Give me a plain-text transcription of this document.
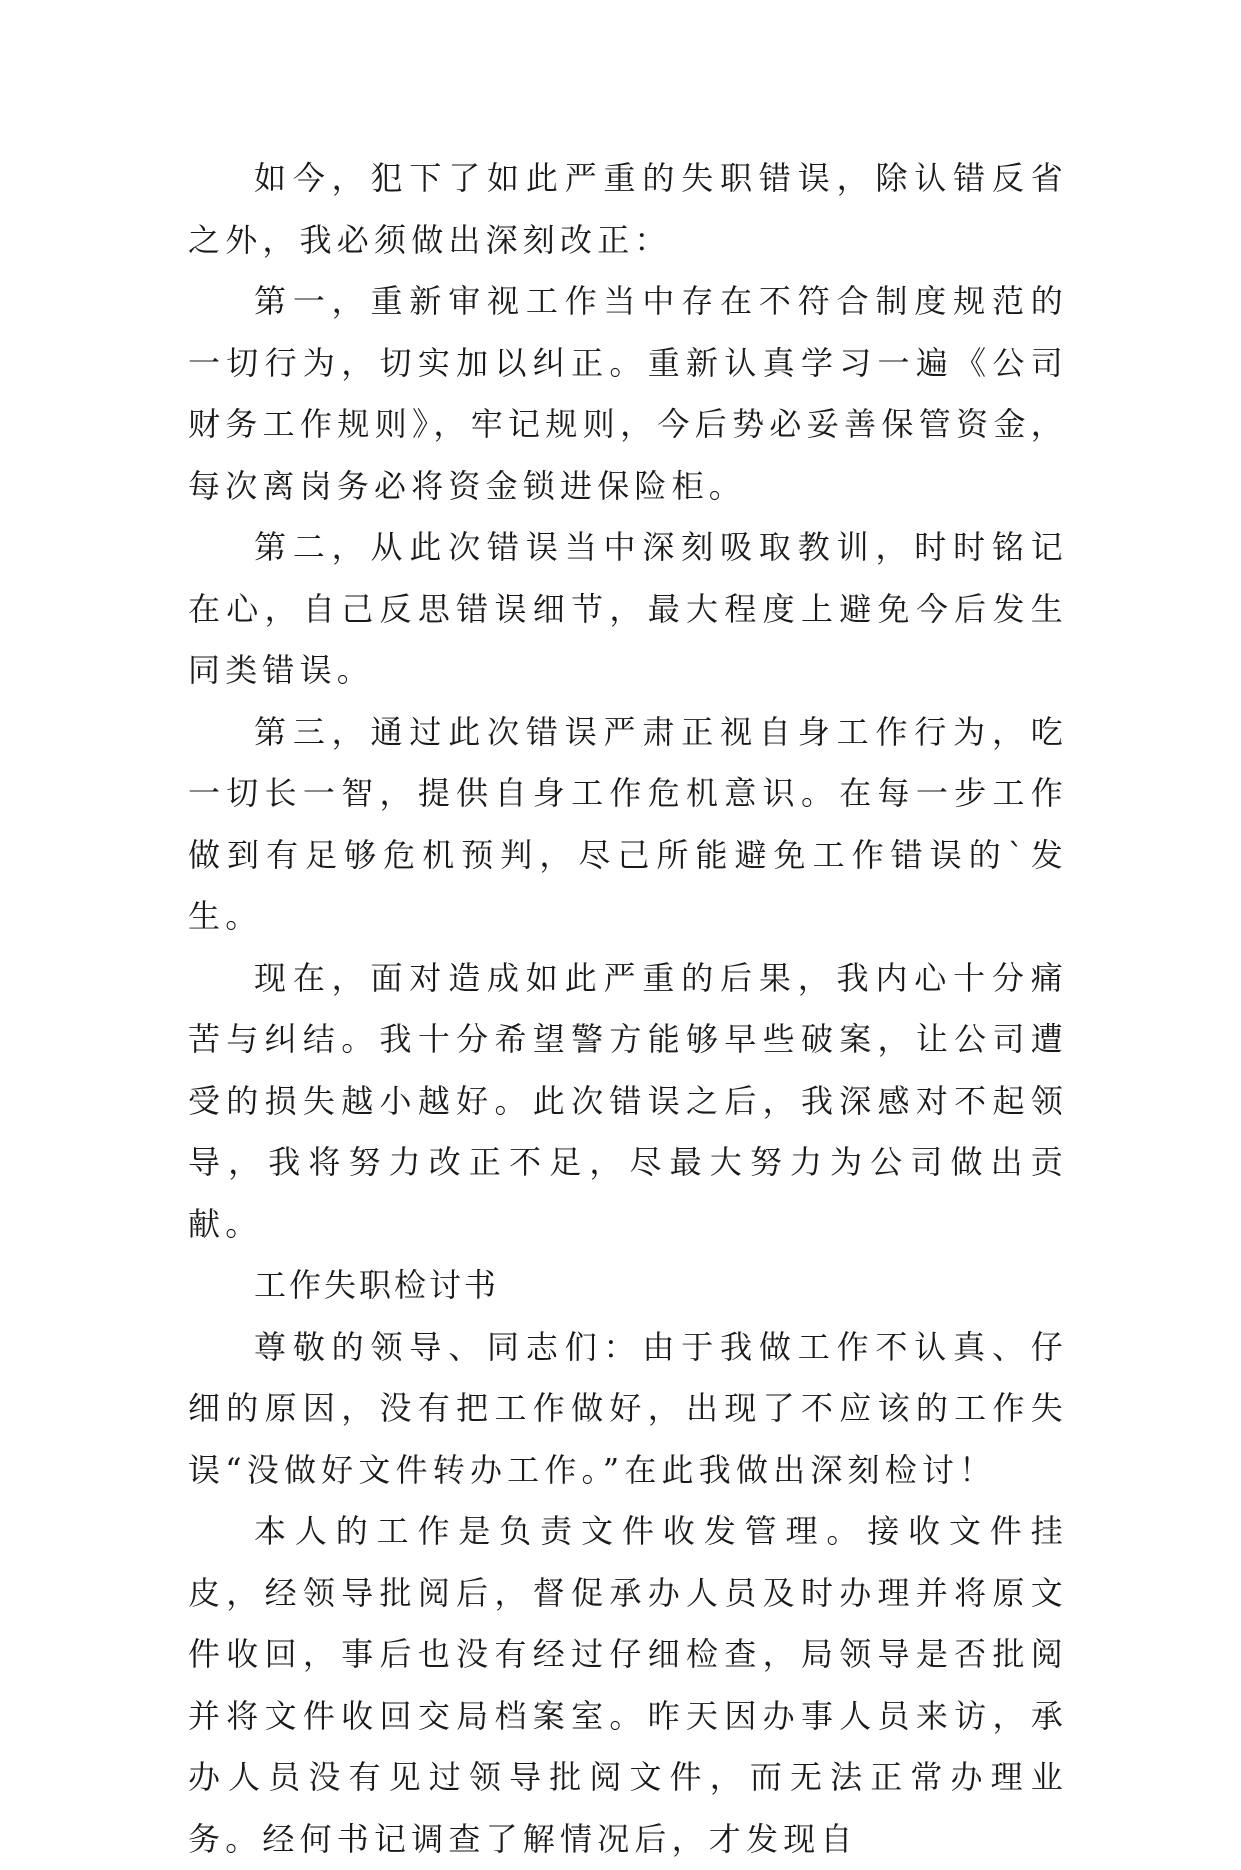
如今，犯下了如此严重的失职错误，除认错反省之外，我必须做出深刻改正：

第一，重新审视工作当中存在不符合制度规范的一切行为，切实加以纠正。重新认真学习一遍《公司财务工作规则》，牢记规则，今后势必妥善保管资金，每次离岗务必将资金锁进保险柜。

第二，从此次错误当中深刻吸取教训，时时铭记在心，自己反思错误细节，最大程度上避免今后发生同类错误。

第三，通过此次错误严肃正视自身工作行为，吃一切长一智，提供自身工作危机意识。在每一步工作做到有足够危机预判，尽己所能避免工作错误的`发生。

现在，面对造成如此严重的后果，我内心十分痛苦与纠结。我十分希望警方能够早些破案，让公司遭受的损失越小越好。此次错误之后，我深感对不起领导，我将努力改正不足，尽最大努力为公司做出贡献。

工作失职检讨书

尊敬的领导、同志们：由于我做工作不认真、仔细的原因，没有把工作做好，出现了不应该的工作失误“没做好文件转办工作。”在此我做出深刻检讨！

本人的工作是负责文件收发管理。接收文件挂皮，经领导批阅后，督促承办人员及时办理并将原文件收回，事后也没有经过仔细检查，局领导是否批阅并将文件收回交局档案室。昨天因办事人员来访，承办人员没有见过领导批阅文件，而无法正常办理业务。经何书记调查了解情况后，才发现自
